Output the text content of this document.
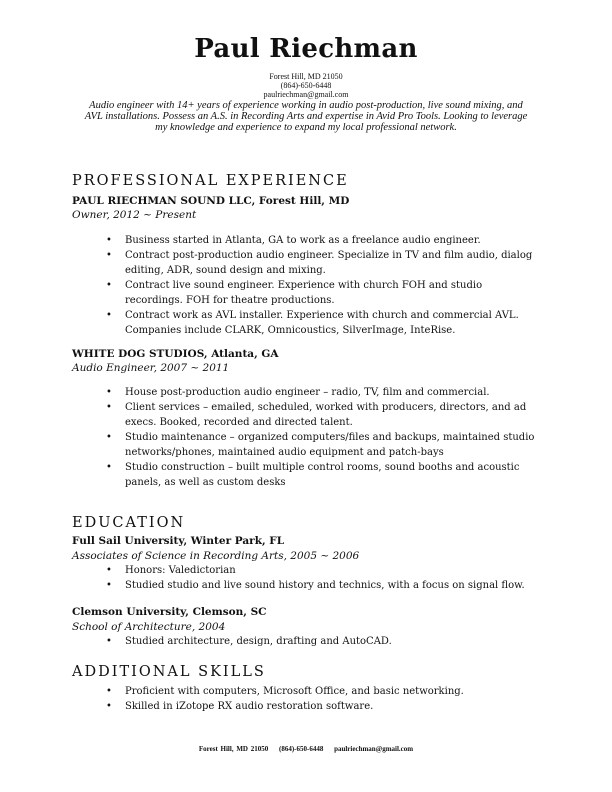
Paul Riechman
Forest Hill, MD 21050
(864)-650-6448
paulriechman@gmail.com
Audio engineer with 14+ years of experience working in audio post-production, live sound mixing, and AVL installations. Possess an A.S. in Recording Arts and expertise in Avid Pro Tools. Looking to leverage my knowledge and experience to expand my local professional network.
PROFESSIONAL EXPERIENCE
PAUL RIECHMAN SOUND LLC, Forest Hill, MD
Owner, 2012 ~ Present
• Business started in Atlanta, GA to work as a freelance audio engineer.
• Contract post-production audio engineer. Specialize in TV and film audio, dialog editing, ADR, sound design and mixing.
• Contract live sound engineer. Experience with church FOH and studio recordings. FOH for theatre productions.
• Contract work as AVL installer. Experience with church and commercial AVL. Companies include CLARK, Omnicoustics, SilverImage, InteRise.
WHITE DOG STUDIOS, Atlanta, GA
Audio Engineer, 2007 ~ 2011
• House post-production audio engineer – radio, TV, film and commercial.
• Client services – emailed, scheduled, worked with producers, directors, and ad execs. Booked, recorded and directed talent.
• Studio maintenance – organized computers/files and backups, maintained studio networks/phones, maintained audio equipment and patch-bays
• Studio construction – built multiple control rooms, sound booths and acoustic panels, as well as custom desks
EDUCATION
Full Sail University, Winter Park, FL
Associates of Science in Recording Arts, 2005 ~ 2006
• Honors: Valedictorian
• Studied studio and live sound history and technics, with a focus on signal flow.
Clemson University, Clemson, SC
School of Architecture, 2004
• Studied architecture, design, drafting and AutoCAD.
ADDITIONAL SKILLS
• Proficient with computers, Microsoft Office, and basic networking.
• Skilled in iZotope RX audio restoration software.
Forest Hill, MD 21050 (864)-650-6448 paulriechman@gmail.com
